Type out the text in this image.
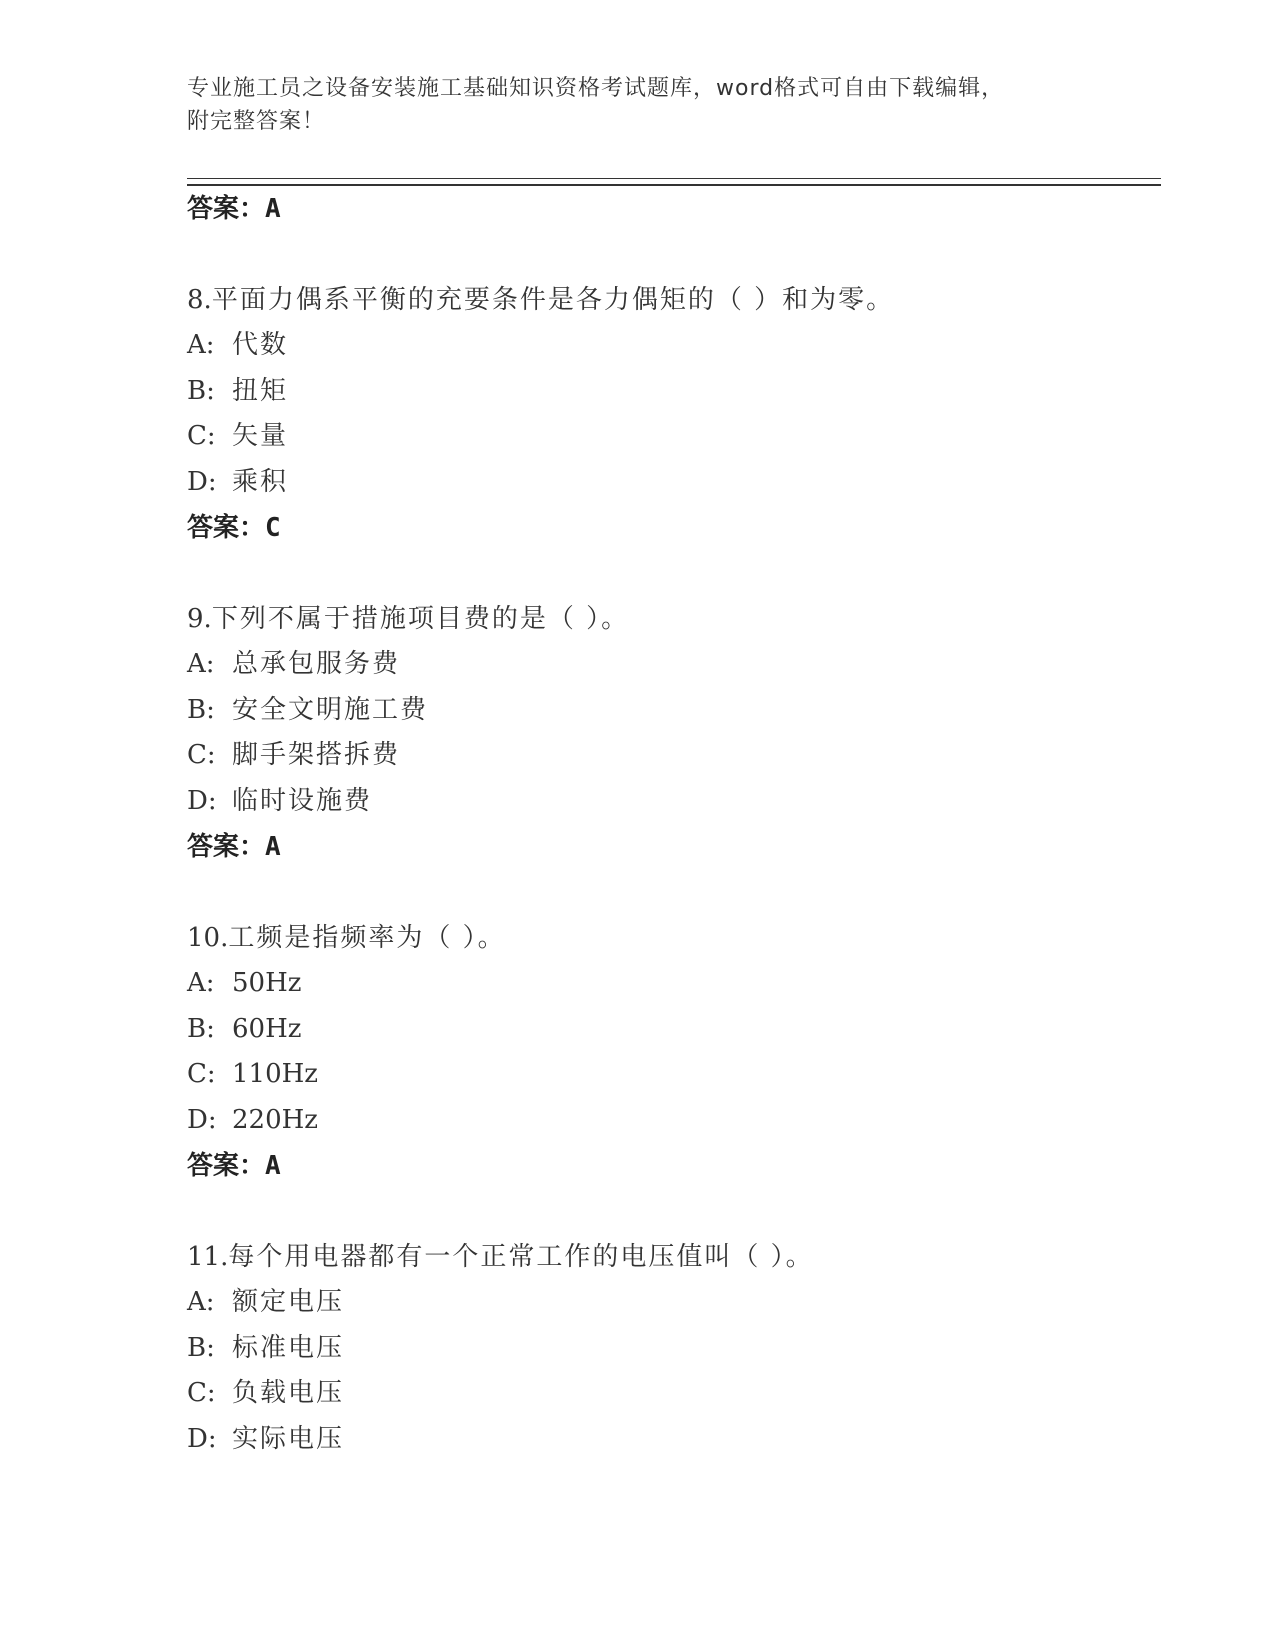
专业施工员之设备安装施工基础知识资格考试题库，word格式可自由下载编辑，
附完整答案！
答案：A
8.平面力偶系平衡的充要条件是各力偶矩的（ ）和为零。
A: 代数
B: 扭矩
C: 矢量
D: 乘积
答案：C
9.下列不属于措施项目费的是（ ）。
A: 总承包服务费
B: 安全文明施工费
C: 脚手架搭拆费
D: 临时设施费
答案：A
10.工频是指频率为（ ）。
A: 50Hz
B: 60Hz
C: 110Hz
D: 220Hz
答案：A
11.每个用电器都有一个正常工作的电压值叫（ ）。
A: 额定电压
B: 标准电压
C: 负载电压
D: 实际电压
